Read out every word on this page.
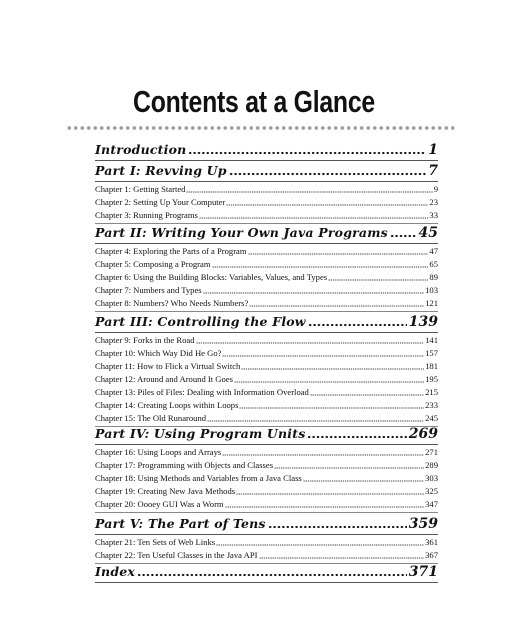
Contents at a Glance
Introduction	1
Part I: Revving Up	7
Chapter 1: Getting Started	9
Chapter 2: Setting Up Your Computer	23
Chapter 3: Running Programs	33
Part II: Writing Your Own Java Programs 45
Chapter 4: Exploring the Parts of a Program	47
Chapter 5: Composing a Program	65
Chapter 6: Using the Building Blocks: Variables, Values, and Types	89
Chapter 7: Numbers and Types	103
Chapter 8: Numbers? Who Needs Numbers?	121
Part III: Controlling the Flow	139
Chapter 9: Forks in the Road	141
Chapter 10: Which Way Did He Go?	157
Chapter 11: How to Flick a Virtual Switch	181
Chapter 12: Around and Around It Goes	195
Chapter 13: Piles of Files: Dealing with Information Overload	215
Chapter 14: Creating Loops within Loops	233
Chapter 15: The Old Runaround	245
Part IV: Using Program Units	269
Chapter 16: Using Loops and Arrays	271
Chapter 17: Programming with Objects and Classes	289
Chapter 18: Using Methods and Variables from a Java Class	303
Chapter 19: Creating New Java Methods	325
Chapter 20: Oooey GUI Was a Worm	347
Part V: The Part of Tens	359
Chapter 21: Ten Sets of Web Links	361
Chapter 22: Ten Useful Classes in the Java API	367
Index	371
